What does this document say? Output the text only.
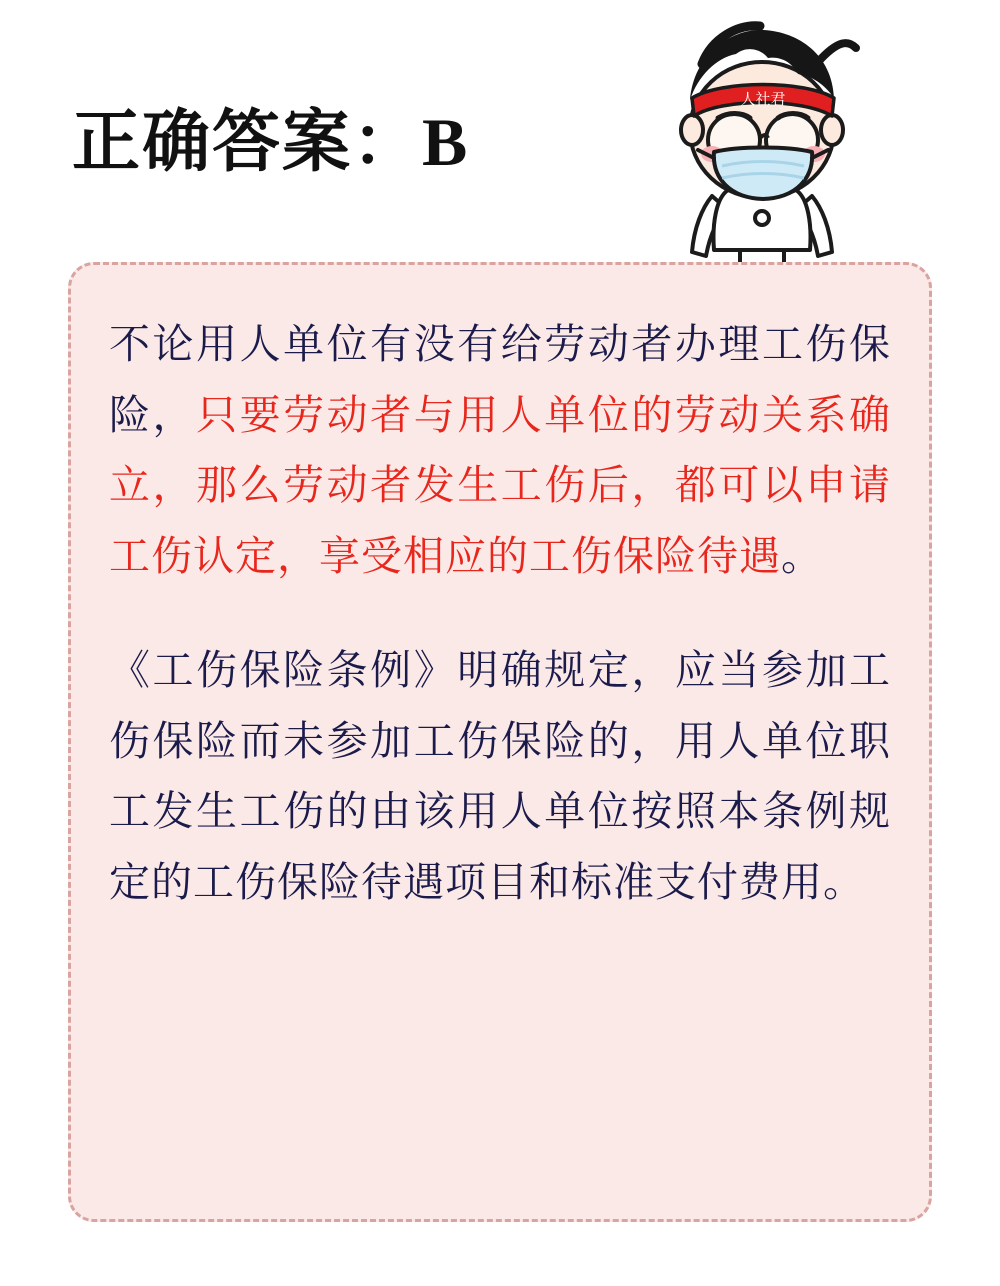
正确答案：B
人社君

不论用人单位有没有给劳动者办理工伤保险，只要劳动者与用人单位的劳动关系确立，那么劳动者发生工伤后，都可以申请工伤认定，享受相应的工伤保险待遇。

《工伤保险条例》明确规定，应当参加工伤保险而未参加工伤保险的，用人单位职工发生工伤的由该用人单位按照本条例规定的工伤保险待遇项目和标准支付费用。
